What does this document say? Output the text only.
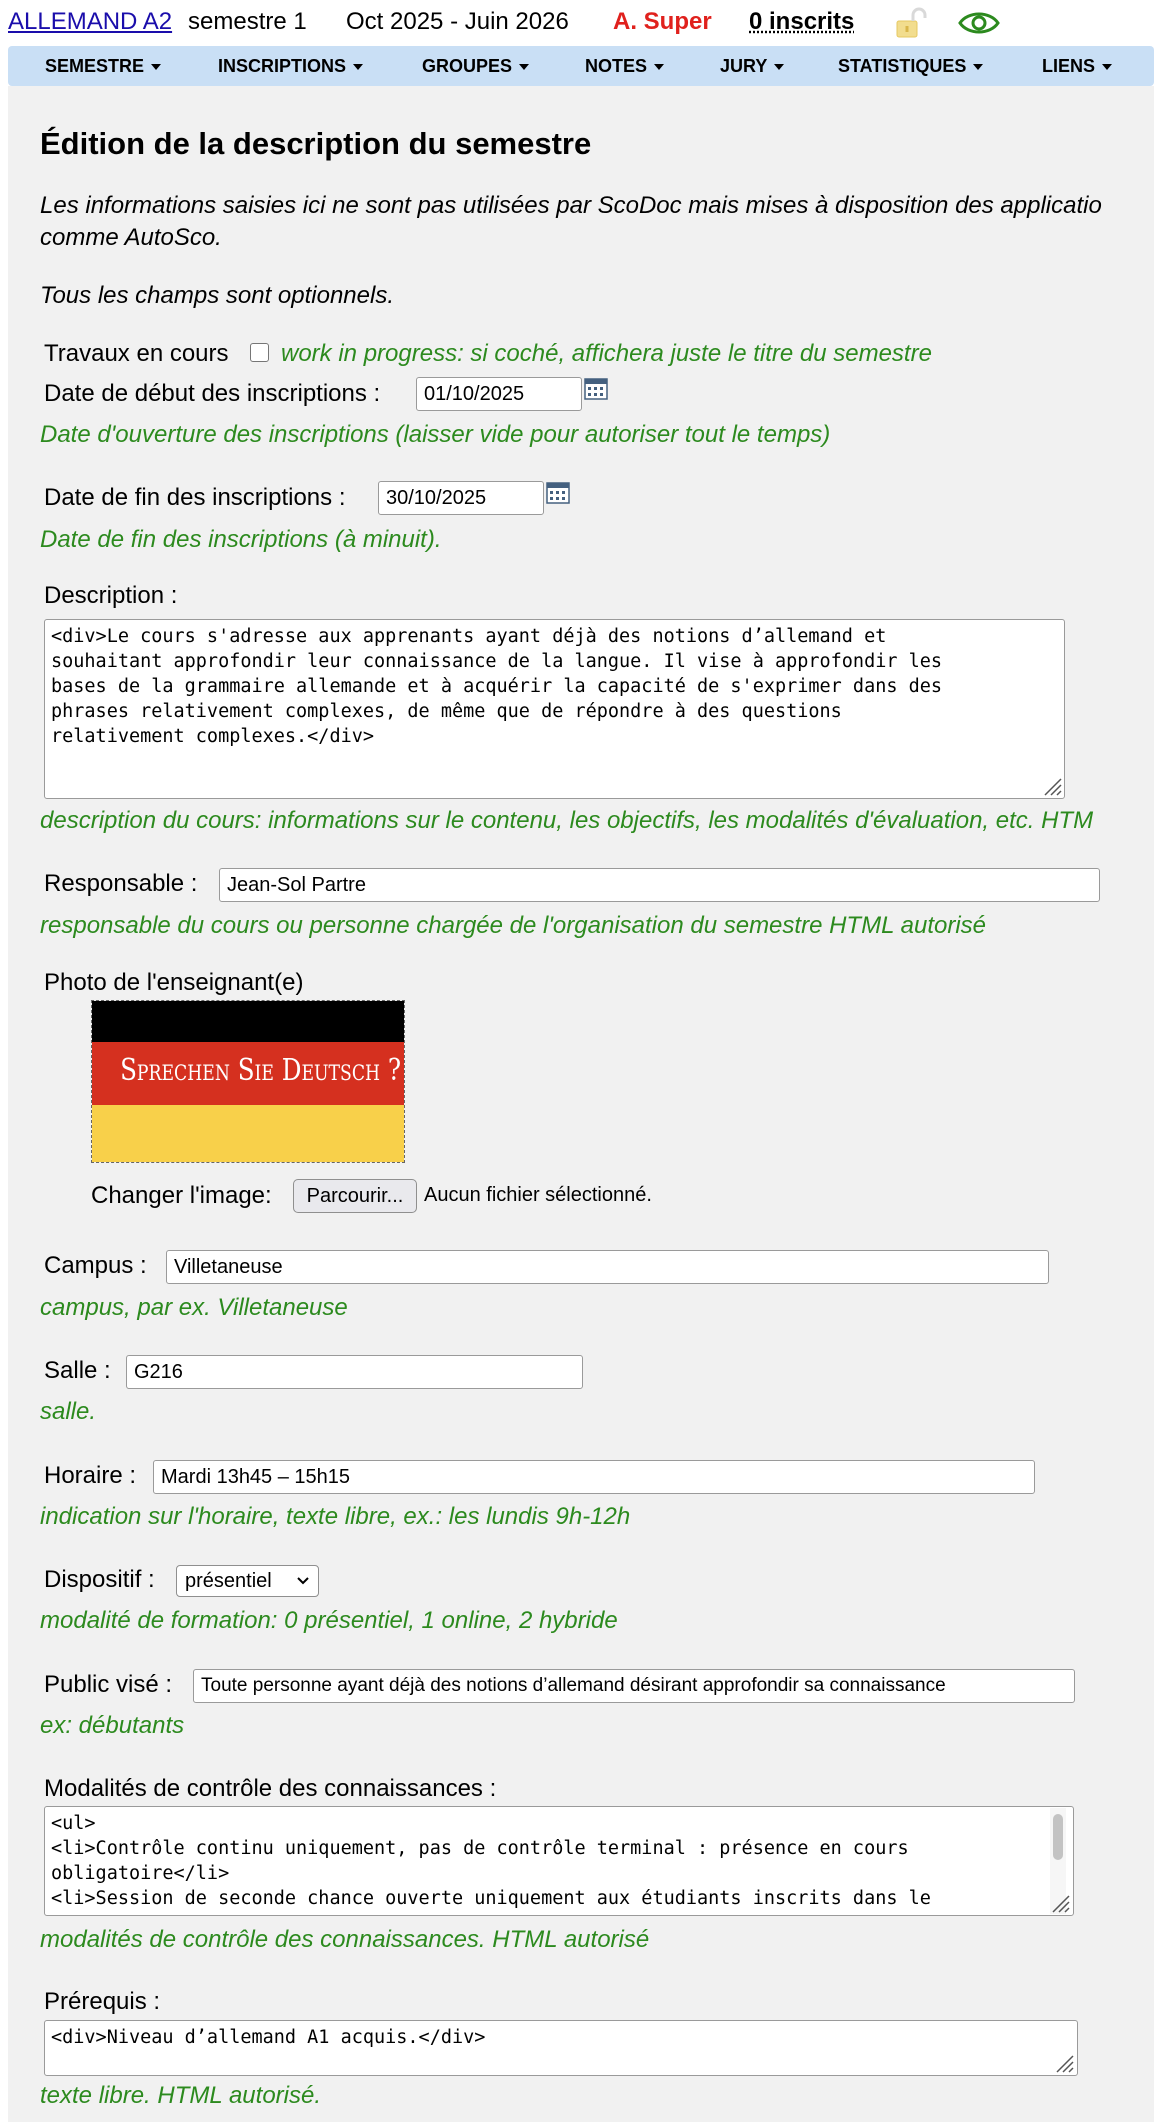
ALLEMAND A2 semestre 1 Oct 2025 - Juin 2026 A. Super 0 inscrits
SEMESTRE	INSCRIPTIONS	GROUPES	NOTES	JURY	STATISTIQUES	LIENS
Édition de la description du semestre
Les informations saisies ici ne sont pas utilisées par ScoDoc mais mises à disposition des applicatio
comme AutoSco.
Tous les champs sont optionnels.
Travaux en cours work in progress: si coché, affichera juste le titre du semestre
Date de début des inscriptions :
01/10/2025
Date d'ouverture des inscriptions (laisser vide pour autoriser tout le temps)
Date de fin des inscriptions :
30/10/2025
Date de fin des inscriptions (à minuit).
Description :
<div>Le cours s'adresse aux apprenants ayant déjà des notions d’allemand et souhaitant approfondir leur connaissance de la langue. Il vise à approfondir les bases de la grammaire allemande et à acquérir la capacité de s'exprimer dans des phrases relativement complexes, de même que de répondre à des questions relativement complexes.</div>
description du cours: informations sur le contenu, les objectifs, les modalités d'évaluation, etc. HTM
Responsable :
Jean-Sol Partre
responsable du cours ou personne chargée de l'organisation du semestre HTML autorisé
Photo de l'enseignant(e)
Sprechen Sie Deutsch ?
Changer l'image:	Parcourir...	Aucun fichier sélectionné.
Campus :
Villetaneuse
campus, par ex. Villetaneuse
Salle :
G216
salle.
Horaire :
Mardi 13h45 – 15h15
indication sur l'horaire, texte libre, ex.: les lundis 9h-12h
Dispositif :	présentiel
modalité de formation: 0 présentiel, 1 online, 2 hybride
Public visé :
Toute personne ayant déjà des notions d’allemand désirant approfondir sa connaissance
ex: débutants
Modalités de contrôle des connaissances :
<ul> <li>Contrôle continu uniquement, pas de contrôle terminal : présence en cours obligatoire</li> <li>Session de seconde chance ouverte uniquement aux étudiants inscrits dans le
modalités de contrôle des connaissances. HTML autorisé
Prérequis :
<div>Niveau d’allemand A1 acquis.</div>
texte libre. HTML autorisé.
